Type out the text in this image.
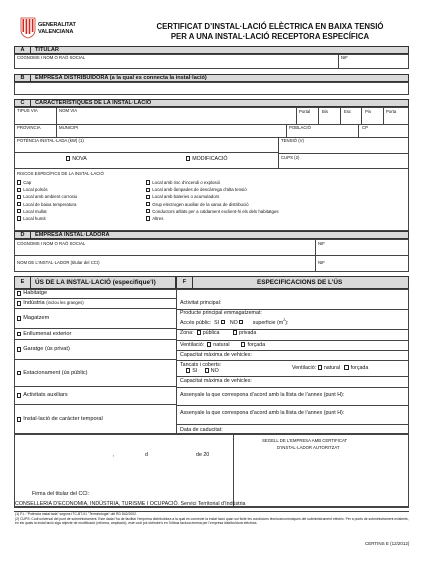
GENERALITAT
VALENCIANA
CERTIFICAT D’INSTAL·LACIÓ ELÈCTRICA EN BAIXA TENSIÓ
PER A UNA INSTAL·LACIÓ RECEPTORA ESPECÍFICA
A	TITULAR
COGNOMS I NOM O RAÓ SOCIAL	NIF
B	EMPRESA DISTRIBUÏDORA (a la qual es connecta la instal·lació)
C	CARACTERÍSTIQUES DE LA INSTAL·LACIÓ
TIPUS VIA	NOM VIA	Portal	Bis	Esc	Pis	Porta
PROVINCIA	MUNICIPI	POBLACIÓ	CP
POTÈNCIA INSTAL·LADA (kW) (1)	TENSIÓ (V)
CUPS (2)
NOVA	MODIFICACIÓ
RISCOS ESPECÍFICS DE LA INSTAL·LACIÓ
Cap
Local polsós
Local amb ambient corrosiu
Local de baixa temperatura
Local mullat
Local humit
Local amb risc d’incendi o explosió
Local amb làmpades de descàrrega d’alta tensió
Local amb bateries o acumuladors
Grup electrogen auxiliar de la xarxa de distribució
Conductors aïllats per a caldament exclient-hi els dels habitatges
Altres
D	EMPRESA INSTAL·LADORA
COGNOMS I NOM O RAÓ SOCIAL	NIF
NOM DE L’INSTAL·LADOR (titular del CCI)	NIF
E	ÚS DE LA INSTAL·LACIÓ (especifique’l)	F	ESPECIFICACIONS DE L’ÚS
Habitatge
Indústria
(inclou les granges)
Magatzem
Enllumenat exterior
Garatge (ús privat)
Estacionament (ús públic)
Activitats auxiliars
Instal·lació de caràcter temporal
Activitat principal:
Producte principal emmagatzemat:
Accés públic: SI NO	superficie $(m^2)$:
Zona: pública	privada
Ventilació: natural	forçada
Capacitat màxima de vehicles:
Tancats i coberts:
SI	NO	Ventilació: natural forçada
Capacitat màxima de vehicles:
Assenyale la que correspona d’acord amb la llista de l’annex (punt H):
Assenyale la que correspona d’acord amb la llista de l’annex (punt H):
Data de caducitat:
d	de 20
,
SEGELL DE L’EMPRESA AMB CERTIFICAT
D’INSTAL·LADOR AUTORITZAT
Firma del titular del CCI:
CONSELLERIA D’ECONOMIA, INDÚSTRIA, TURISME I OCUPACIÓ. Servici Territorial d’Indústria
(1) P.I.: "Potència instal·lada" segons ITC-BT-01 "Terminologia" del RD 842/2002.
(2) CUPS: Codi universal del punt de subministrament. Este dada l’ha de facilitar l’empresa distribuïdora a la qual es connecte la instal·lació quan sol·licite les condicions tècnicoeconòmiques del subministrament elèctric. Per a punts de subministrament existents, en els quals la instal·lació siga objecte de modificació (reforma, ampliació), este codi pot obtindre’s en l’última factura emesa per l’empresa distribuïdora elèctrica.
CERTINS E (12/2012)
